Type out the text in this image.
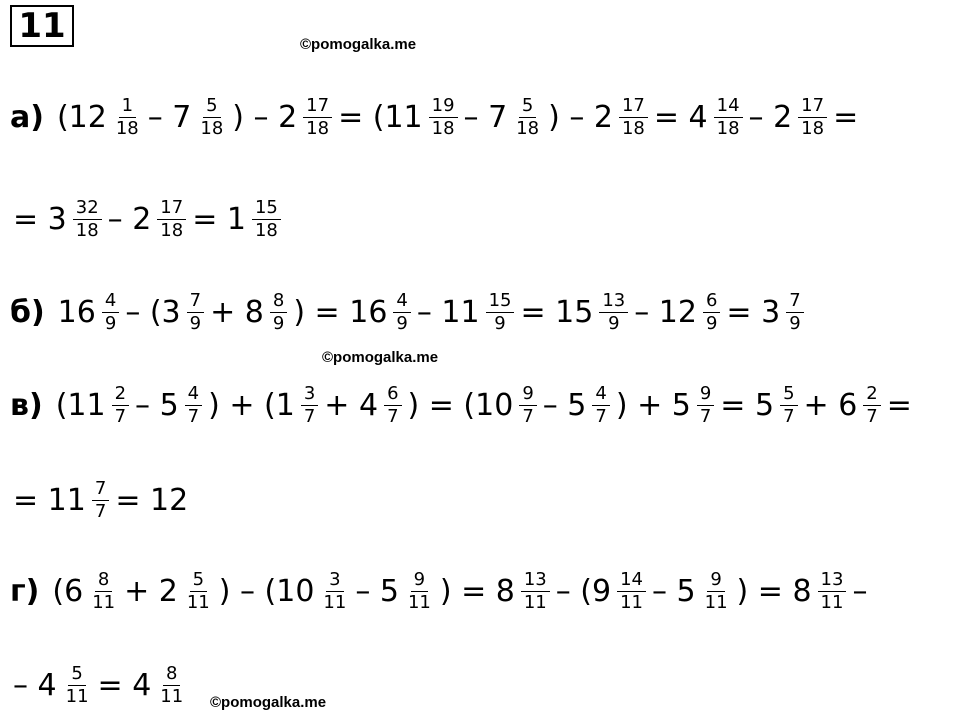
11	©pomogalka.me
©pomogalka.me
©pomogalka.me
а) ($12 \frac{1}{18} - 7 \frac{5}{18}$ ) – $2 \frac{17}{18} = (11 \frac{19}{18} - 7 \frac{5}{18}$ ) – $2 \frac{17}{18} = 4 \frac{14}{18} - 2 \frac{17}{18}$ =
= $3 \frac{32}{18} - 2 \frac{17}{18} = 1 \frac{15}{18}$
б) $16 \frac{4}{9} - (3 \frac{7}{9} + 8 \frac{8}{9}$ ) = $16 \frac{4}{9} - 11 \frac{15}{9} = 15 \frac{13}{9} - 12 \frac{6}{9} = 3 \frac{7}{9}$
в) ($11 \frac{2}{7} - 5 \frac{4}{7}$ ) + ($1 \frac{3}{7} + 4 \frac{6}{7}$ ) = ($10 \frac{9}{7} - 5 \frac{4}{7}$ ) + $5 \frac{9}{7} = 5 \frac{5}{7} + 6 \frac{2}{7}$ =
= $11 \frac{7}{7} = 12$
г) ($6 \frac{8}{11} + 2 \frac{5}{11}$ ) – ($10 \frac{3}{11} - 5 \frac{9}{11}$ ) = $8 \frac{13}{11} - (9 \frac{14}{11} - 5 \frac{9}{11}$ ) = $8 \frac{13}{11}$ –
– $4 \frac{5}{11} = 4 \frac{8}{11}$
